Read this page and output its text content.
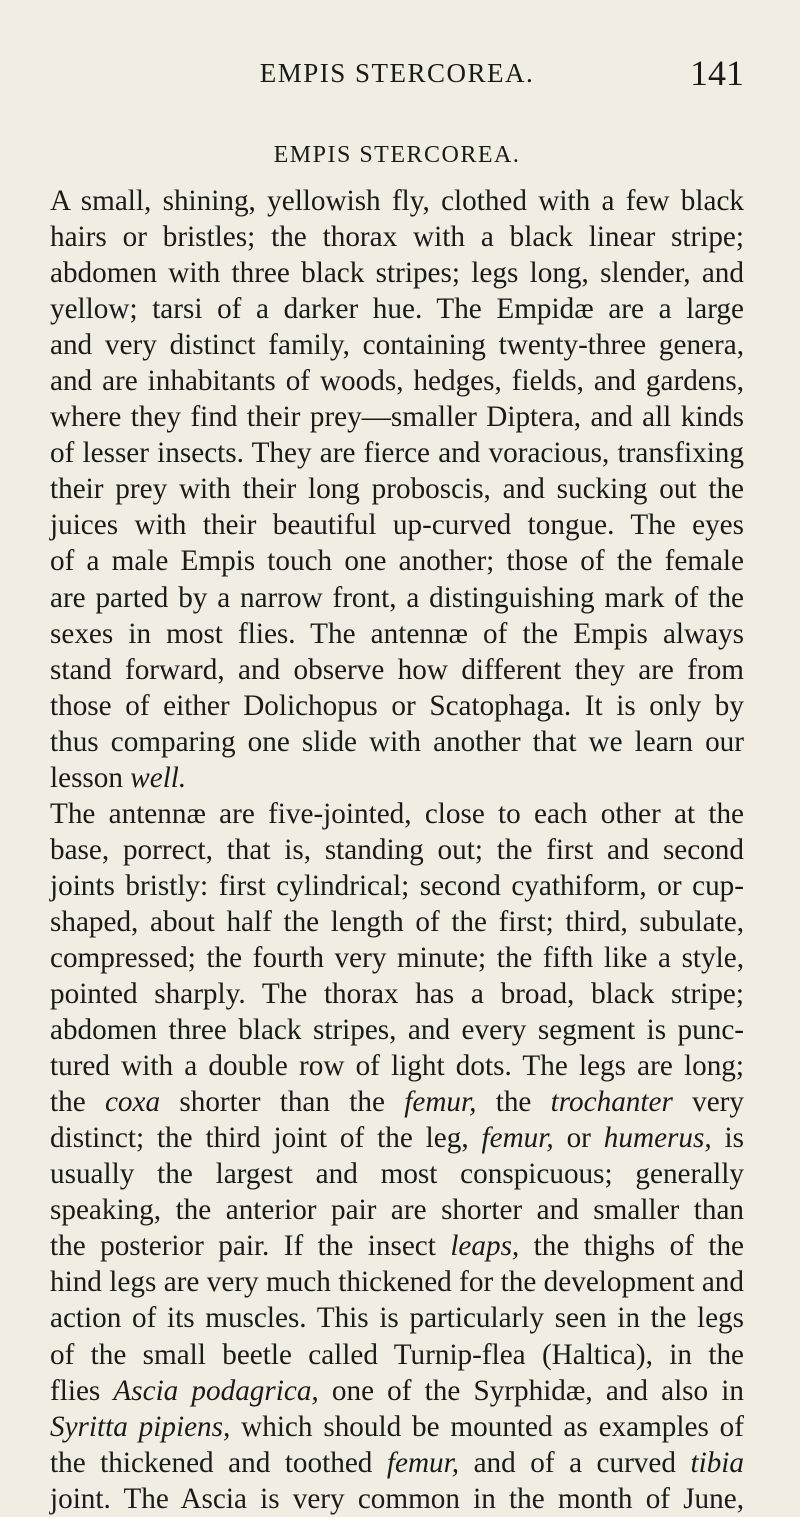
EMPIS STERCOREA.	141
EMPIS STERCOREA.
A small, shining, yellowish fly, clothed with a few black
hairs or bristles; the thorax with a black linear stripe;
abdomen with three black stripes; legs long, slender, and
yellow; tarsi of a darker hue. The Empidæ are a large
and very distinct family, containing twenty-three genera,
and are inhabitants of woods, hedges, fields, and gardens,
where they find their prey—smaller Diptera, and all kinds
of lesser insects. They are fierce and voracious, transfixing
their prey with their long proboscis, and sucking out the
juices with their beautiful up-curved tongue. The eyes
of a male Empis touch one another; those of the female
are parted by a narrow front, a distinguishing mark of the
sexes in most flies. The antennæ of the Empis always
stand forward, and observe how different they are from
those of either Dolichopus or Scatophaga. It is only by
thus comparing one slide with another that we learn our
lesson well.
The antennæ are five-jointed, close to each other at the
base, porrect, that is, standing out; the first and second
joints bristly: first cylindrical; second cyathiform, or cup-
shaped, about half the length of the first; third, subulate,
compressed; the fourth very minute; the fifth like a style,
pointed sharply. The thorax has a broad, black stripe;
abdomen three black stripes, and every segment is punc-
tured with a double row of light dots. The legs are long;
the coxa shorter than the femur, the trochanter very
distinct; the third joint of the leg, femur, or humerus, is
usually the largest and most conspicuous; generally
speaking, the anterior pair are shorter and smaller than
the posterior pair. If the insect leaps, the thighs of the
hind legs are very much thickened for the development and
action of its muscles. This is particularly seen in the legs
of the small beetle called Turnip-flea (Haltica), in the
flies Ascia podagrica, one of the Syrphidæ, and also in
Syritta pipiens, which should be mounted as examples of
the thickened and toothed femur, and of a curved tibia
joint. The Ascia is very common in the month of June,
